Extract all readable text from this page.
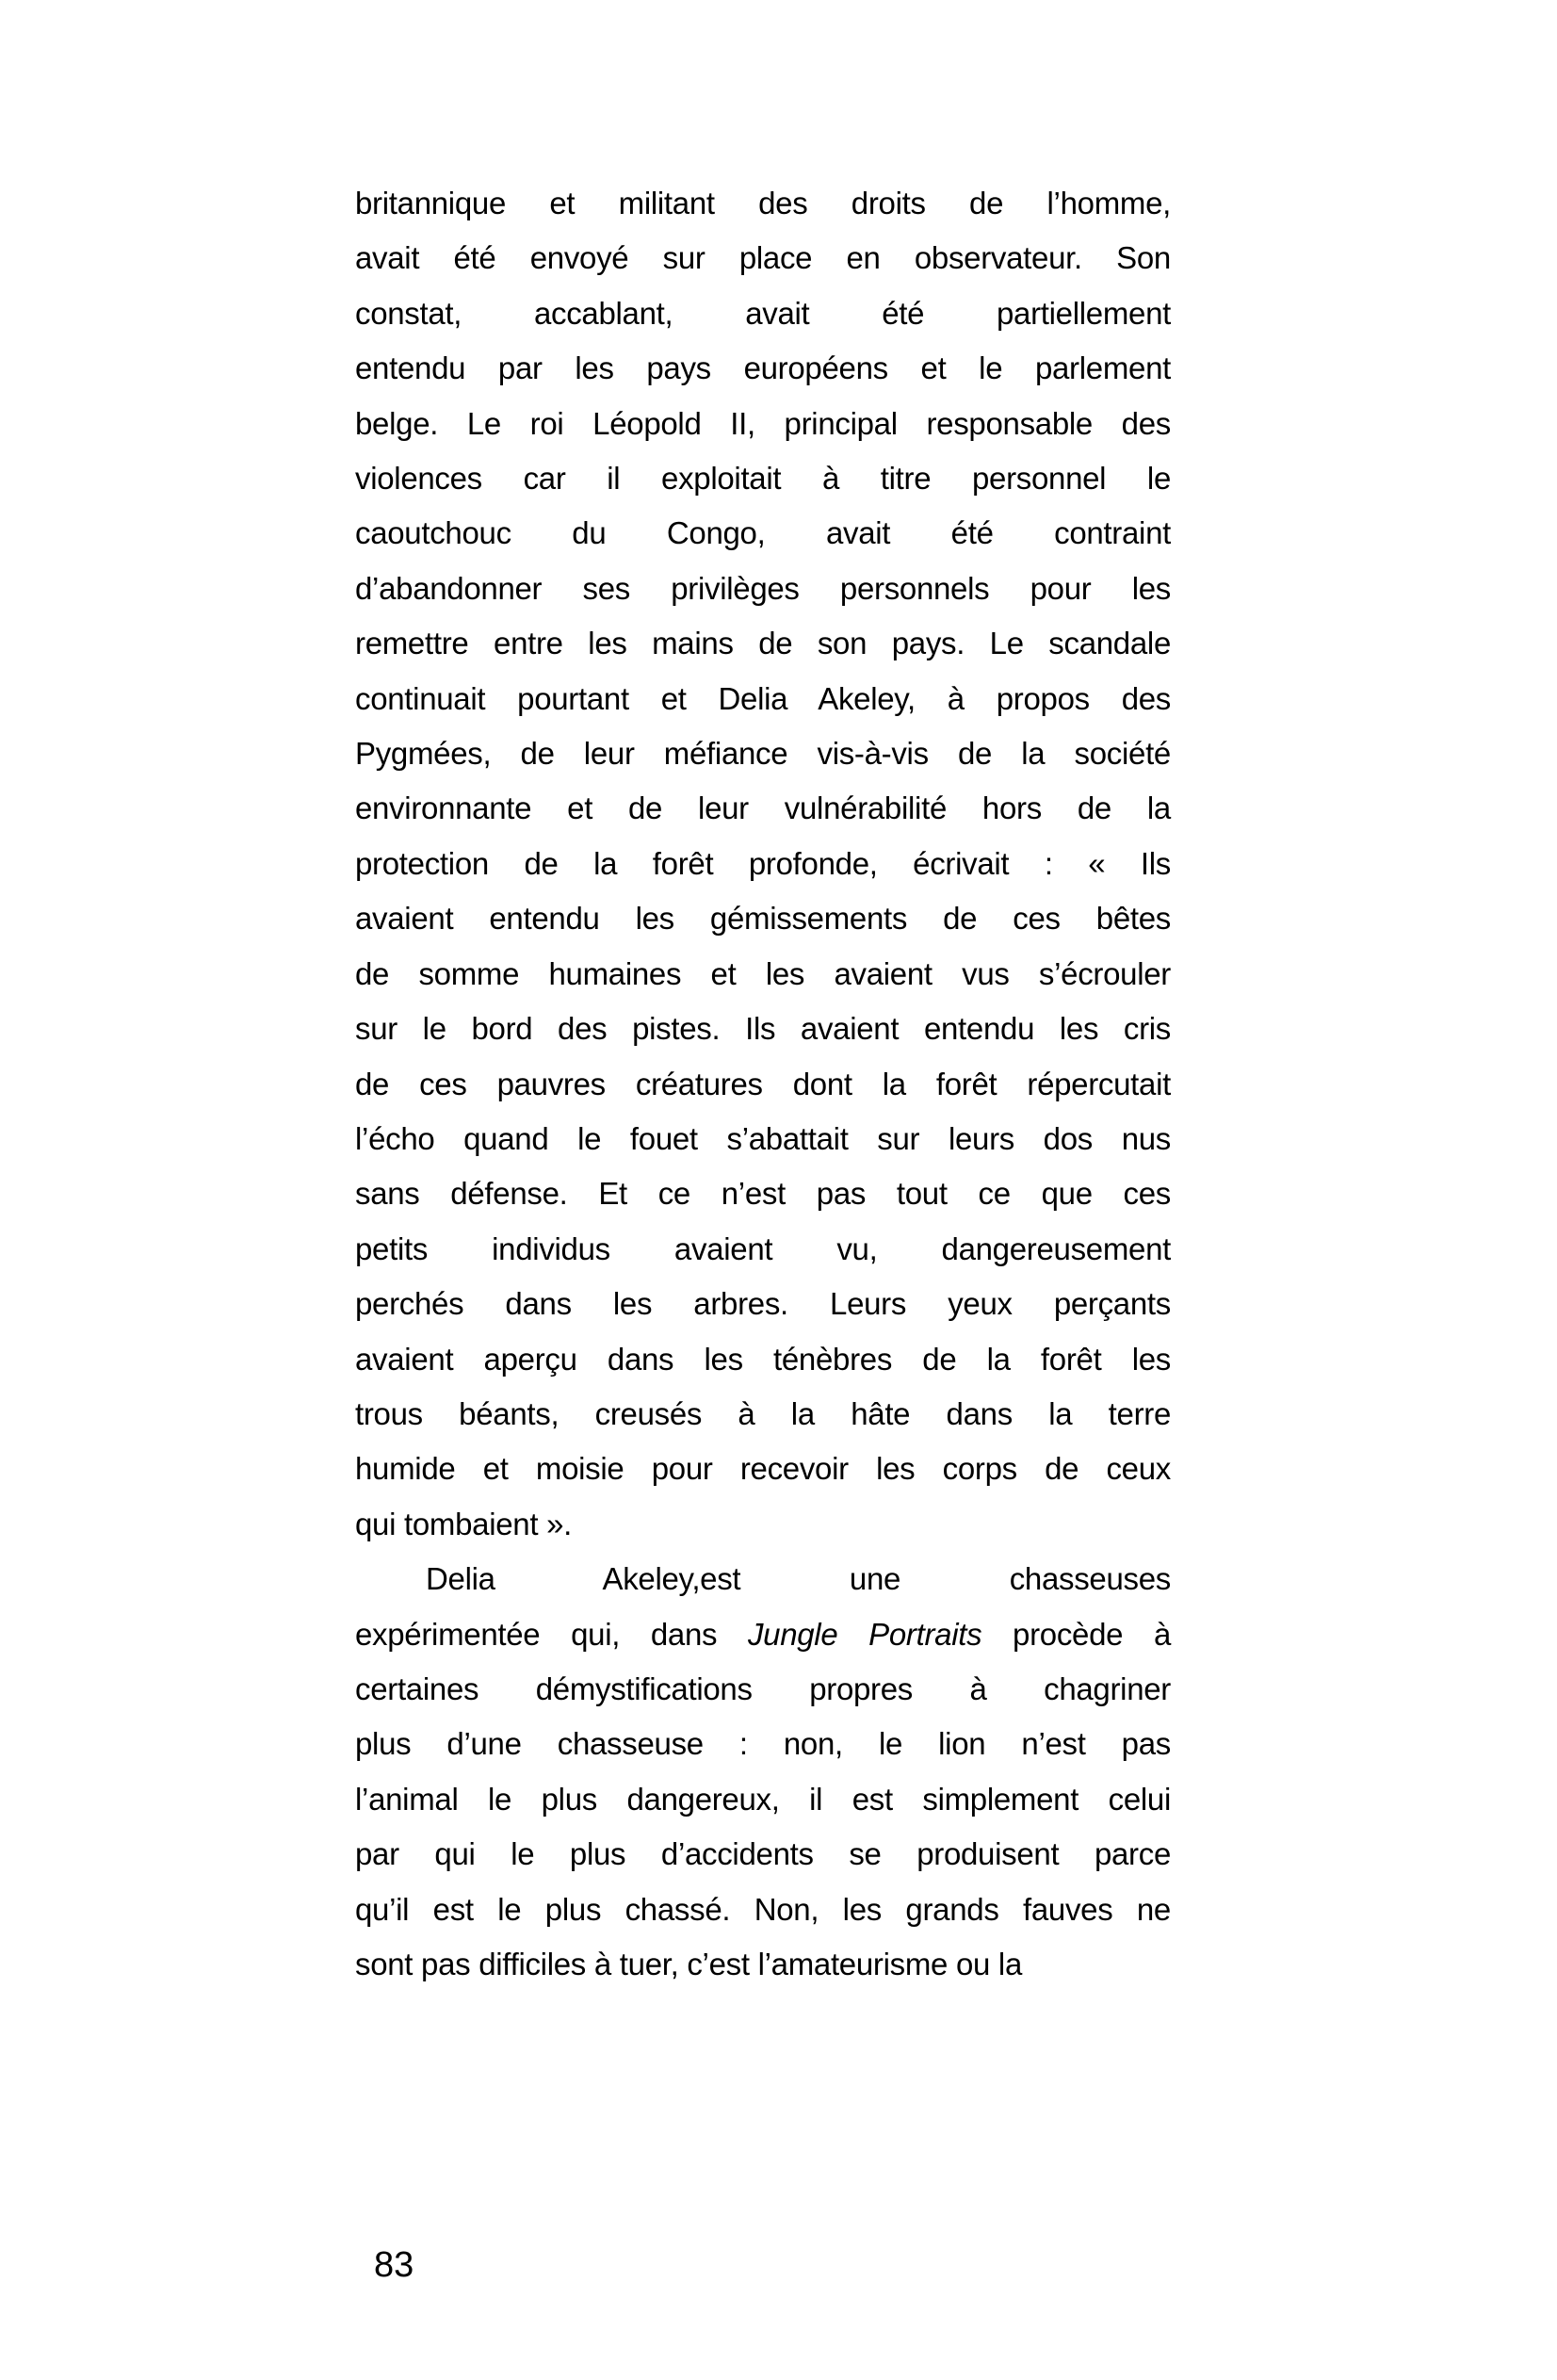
britannique et militant des droits de l’homme,
avait été envoyé sur place en observateur. Son
constat, accablant, avait été partiellement
entendu par les pays européens et le parlement
belge. Le roi Léopold II, principal responsable des
violences car il exploitait à titre personnel le
caoutchouc du Congo, avait été contraint
d’abandonner ses privilèges personnels pour les
remettre entre les mains de son pays. Le scandale
continuait pourtant et Delia Akeley, à propos des
Pygmées, de leur méfiance vis-à-vis de la société
environnante et de leur vulnérabilité hors de la
protection de la forêt profonde, écrivait : « Ils
avaient entendu les gémissements de ces bêtes
de somme humaines et les avaient vus s’écrouler
sur le bord des pistes. Ils avaient entendu les cris
de ces pauvres créatures dont la forêt répercutait
l’écho quand le fouet s’abattait sur leurs dos nus
sans défense. Et ce n’est pas tout ce que ces
petits individus avaient vu, dangereusement
perchés dans les arbres. Leurs yeux perçants
avaient aperçu dans les ténèbres de la forêt les
trous béants, creusés à la hâte dans la terre
humide et moisie pour recevoir les corps de ceux
qui tombaient ».
Delia Akeley,est une chasseuses
expérimentée qui, dans Jungle Portraits procède à
certaines démystifications propres à chagriner
plus d’une chasseuse : non, le lion n’est pas
l’animal le plus dangereux, il est simplement celui
par qui le plus d’accidents se produisent parce
qu’il est le plus chassé. Non, les grands fauves ne
sont pas difficiles à tuer, c’est l’amateurisme ou la
83
